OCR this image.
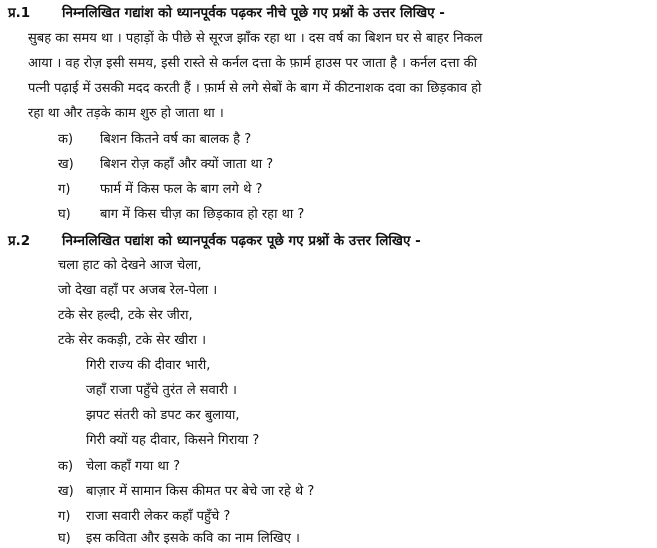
प्र.1 निम्नलिखित गद्यांश को ध्यानपूर्वक पढ़कर नीचे पूछे गए प्रश्नों के उत्तर लिखिए -
सुबह का समय था । पहाड़ों के पीछे से सूरज झाँक रहा था । दस वर्ष का बिशन घर से बाहर निकल
आया । वह रोज़ इसी समय, इसी रास्ते से कर्नल दत्ता के फ़ार्म हाउस पर जाता है । कर्नल दत्ता की
पत्नी पढ़ाई में उसकी मदद करती हैं । फ़ार्म से लगे सेबों के बाग में कीटनाशक दवा का छिड़काव हो
रहा था और तड़के काम शुरु हो जाता था ।
क) बिशन कितने वर्ष का बालक है ?
ख) बिशन रोज़ कहाँ और क्यों जाता था ?
ग) फार्म में किस फल के बाग लगे थे ?
घ) बाग में किस चीज़ का छिड़काव हो रहा था ?
प्र.2 निम्नलिखित पद्यांश को ध्यानपूर्वक पढ़कर पूछे गए प्रश्नों के उत्तर लिखिए -
चला हाट को देखने आज चेला,
जो देखा वहाँ पर अजब रेल-पेला ।
टके सेर हल्दी, टके सेर जीरा,
टके सेर ककड़ी, टके सेर खीरा ।
गिरी राज्य की दीवार भारी,
जहाँ राजा पहुँचे तुरंत ले सवारी ।
झपट संतरी को डपट कर बुलाया,
गिरी क्यों यह दीवार, किसने गिराया ?
क) चेला कहाँ गया था ?
ख) बाज़ार में सामान किस कीमत पर बेचे जा रहे थे ?
ग) राजा सवारी लेकर कहाँ पहुँचे ?
घ) इस कविता और इसके कवि का नाम लिखिए ।
